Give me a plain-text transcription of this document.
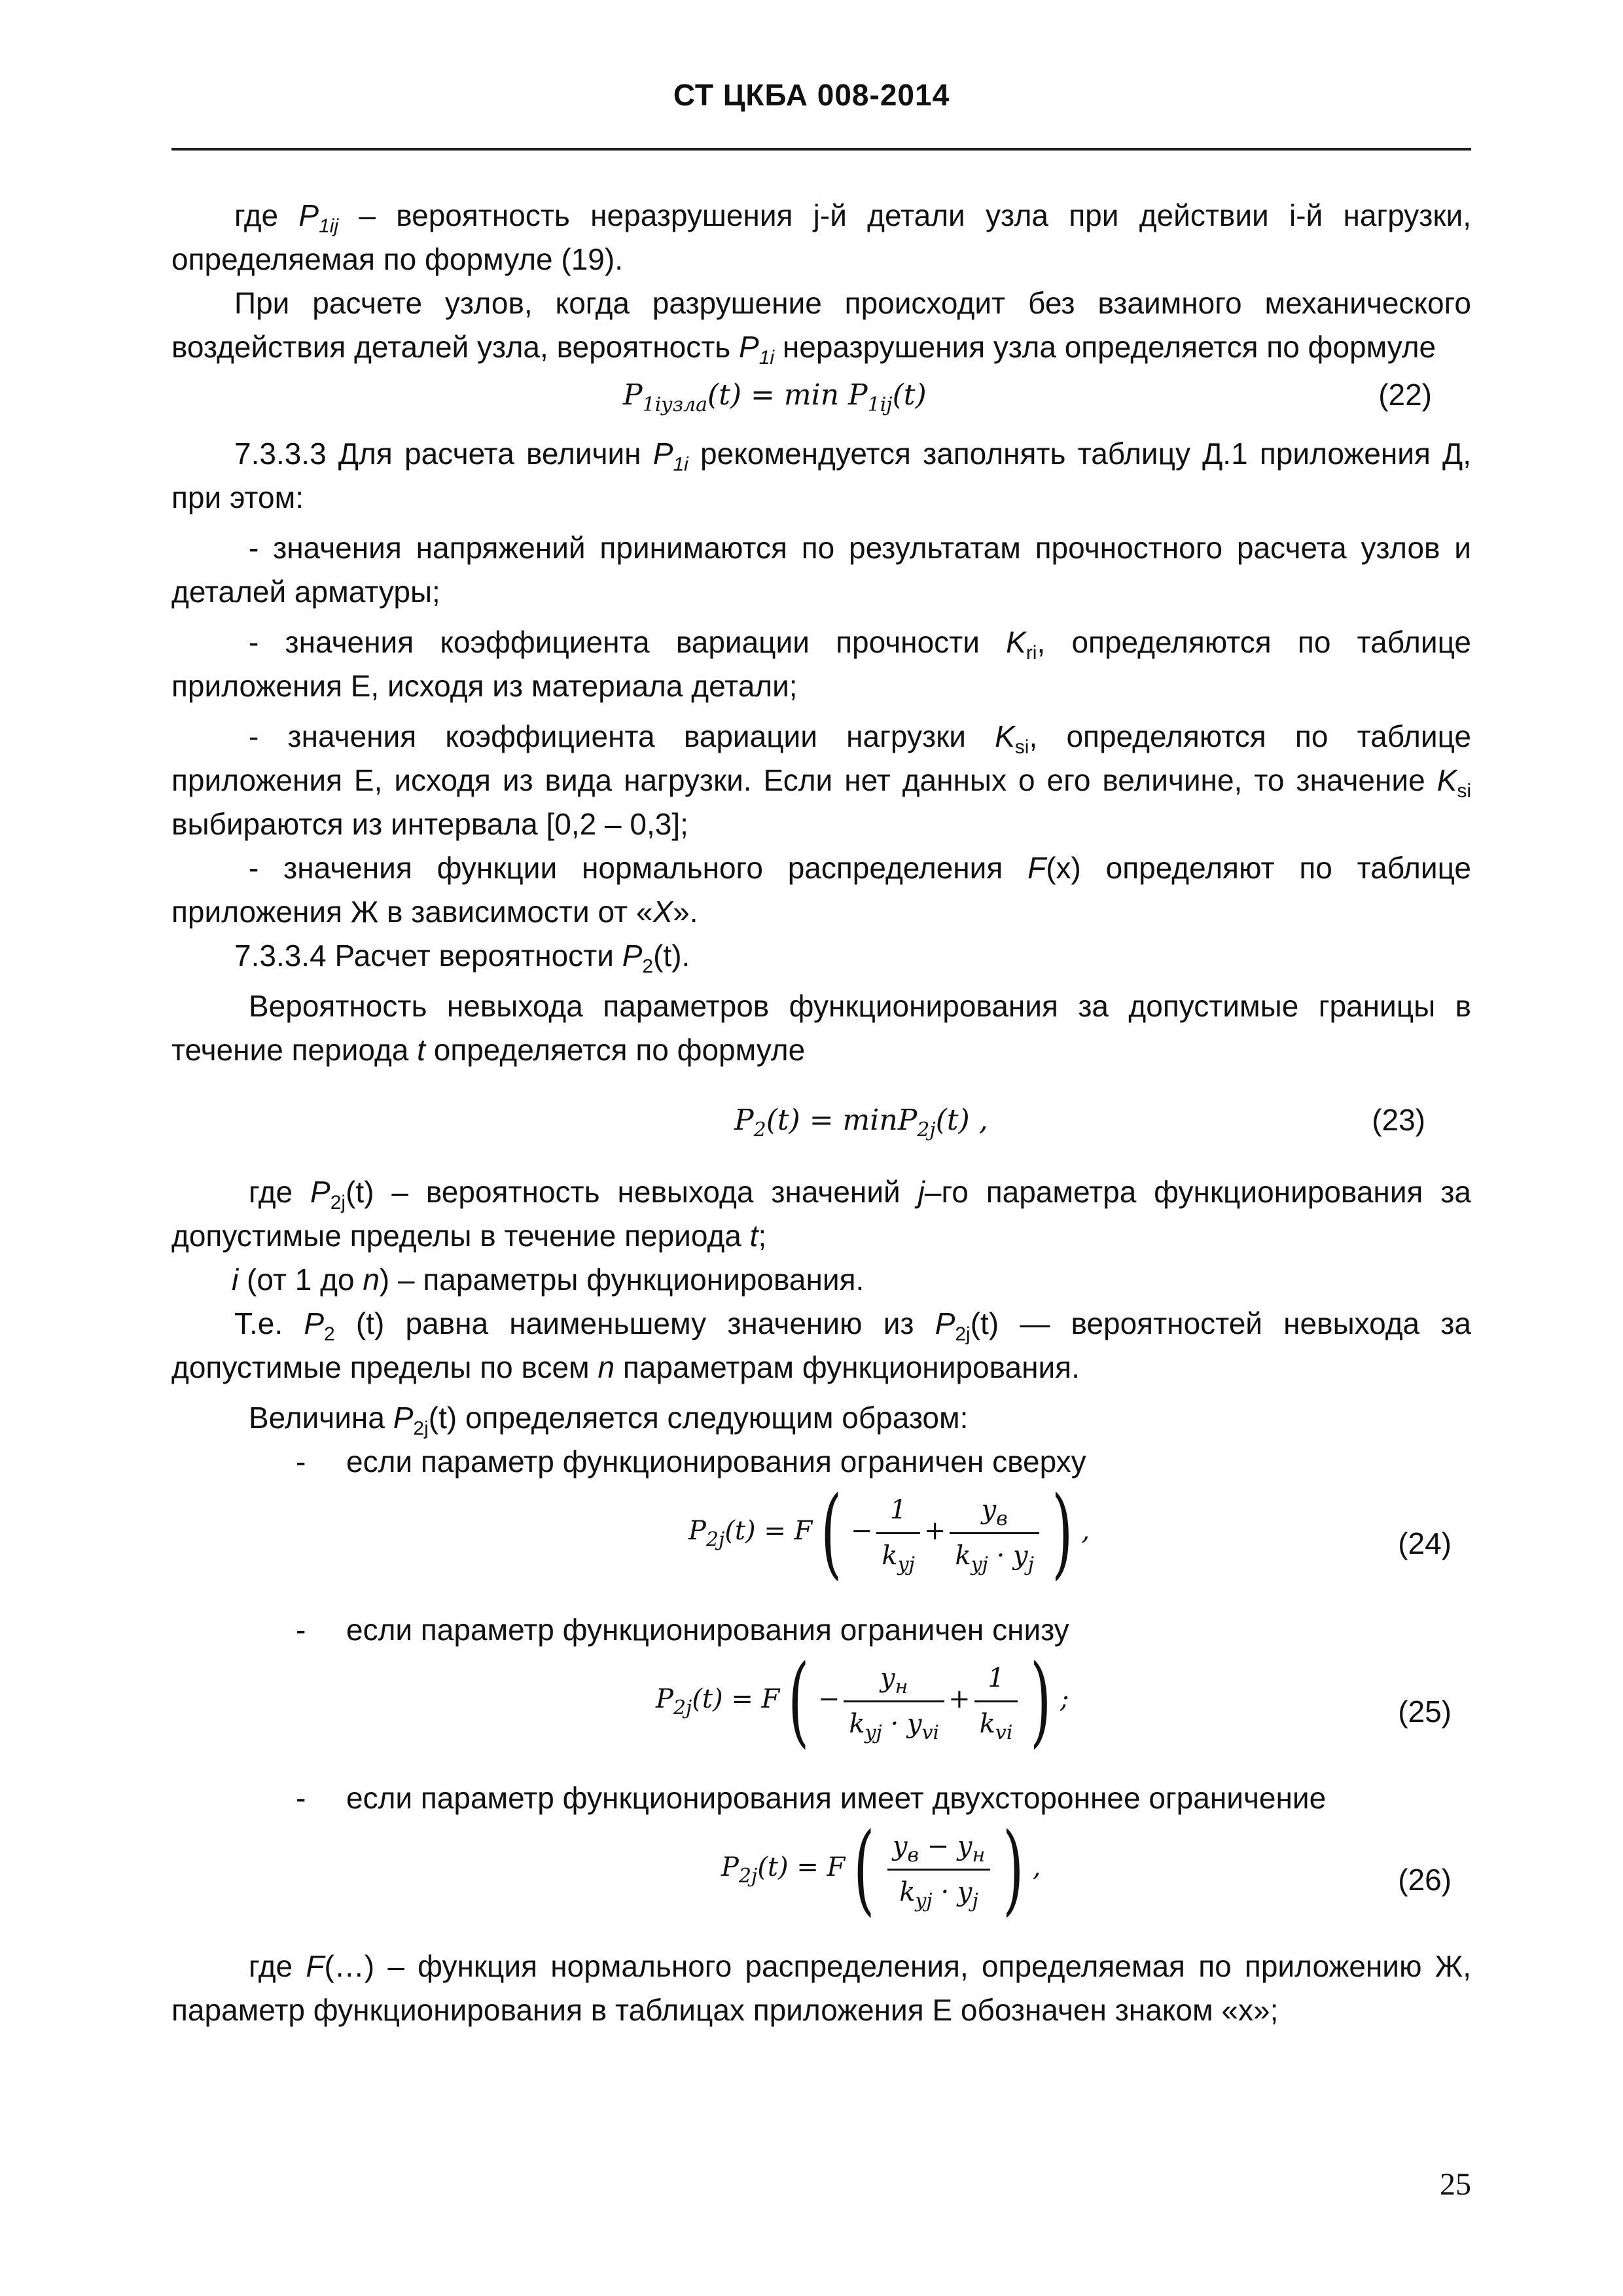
СТ ЦКБА 008-2014

где $P_{1ij}$ – вероятность неразрушения j-й детали узла при действии i-й нагрузки, определяемая по формуле (19).

При расчете узлов, когда разрушение происходит без взаимного механического воздействия деталей узла, вероятность $P_{1i}$ неразрушения узла определяется по формуле

$P_{1iузла}(t) = \min P_{1ij}(t)$	(22)

7.3.3.3 Для расчета величин $P_{1i}$ рекомендуется заполнять таблицу Д.1 приложения Д, при этом:

- значения напряжений принимаются по результатам прочностного расчета узлов и деталей арматуры;

- значения коэффициента вариации прочности $K_{ri}$, определяются по таблице приложения Е, исходя из материала детали;

- значения коэффициента вариации нагрузки $K_{si}$, определяются по таблице приложения Е, исходя из вида нагрузки. Если нет данных о его величине, то значение $K_{si}$ выбираются из интервала [0,2 – 0,3];

- значения функции нормального распределения F(x) определяют по таблице приложения Ж в зависимости от «X».

7.3.3.4 Расчет вероятности $P_2(t)$.

Вероятность невыхода параметров функционирования за допустимые границы в течение периода t определяется по формуле

$P_2(t) = \min P_{2j}(t)$ ,	(23)

где $P_{2j}(t)$ – вероятность невыхода значений j–го параметра функционирования за допустимые пределы в течение периода t;

i (от 1 до n) – параметры функционирования.

Т.е. $P_2$ (t) равна наименьшему значению из $P_{2j}(t)$ — вероятностей невыхода за допустимые пределы по всем n параметрам функционирования.

Величина $P_{2j}(t)$ определяется следующим образом:

- если параметр функционирования ограничен сверху

$P_{2j}(t) = F( - \frac{1}{k_{yj}} + \frac{y_в}{k_{yj} \cdot y_j}$ ) ,	(24)

- если параметр функционирования ограничен снизу

$P_{2j}(t) = F( - \frac{y_н}{k_{yj} \cdot y_{vi}} + \frac{1}{k_{vi}}$ ) ;	(25)

- если параметр функционирования имеет двухстороннее ограничение

$P_{2j}(t) = F( \frac{y_в - y_н}{k_{yj} \cdot y_j}$ ) ,	(26)

где F(…) – функция нормального распределения, определяемая по приложению Ж, параметр функционирования в таблицах приложения Е обозначен знаком «х»;

25
